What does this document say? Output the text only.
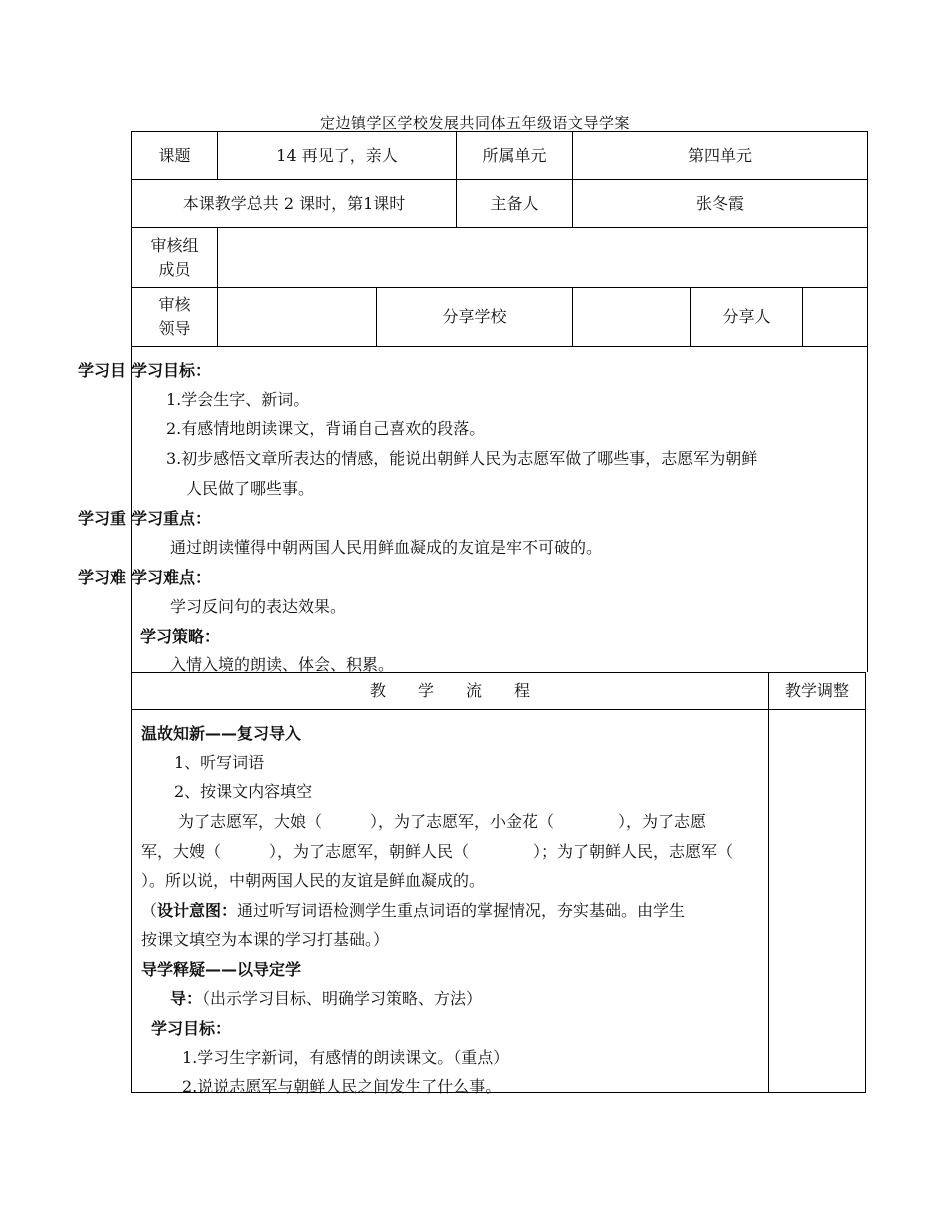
定边镇学区学校发展共同体五年级语文导学案
课题	14 再见了，亲人		所属单元	第四单元		
本课教学总共 2 课时，第1课时			主备人	张冬霞		

审核组
成员						

审核
领导		分享学校			分享人	
学习目 学习目标：
1.学会生字、新词。
2.有感情地朗读课文，背诵自己喜欢的段落。
3.初步感悟文章所表达的情感，能说出朝鲜人民为志愿军做了哪些事，志愿军为朝鲜
人民做了哪些事。
学习重 学习重点：
通过朗读懂得中朝两国人民用鲜血凝成的友谊是牢不可破的。
学习难 学习难点：
学习反问句的表达效果。
学习策略：
入情入境的朗读、体会、积累。
教　　学　　流　　程	教学调整
温故知新——复习导入
1、听写词语
2、按课文内容填空
为了志愿军，大娘（　　　），为了志愿军，小金花（　　　　），为了志愿
军，大嫂（　　　），为了志愿军，朝鲜人民（　　　　）；为了朝鲜人民，志愿军（
）。所以说，中朝两国人民的友谊是鲜血凝成的。
（设计意图：通过听写词语检测学生重点词语的掌握情况，夯实基础。由学生
按课文填空为本课的学习打基础。）
导学释疑——以导定学
导：（出示学习目标、明确学习策略、方法）
学习目标：
1.学习生字新词，有感情的朗读课文。（重点）
2.说说志愿军与朝鲜人民之间发生了什么事。
